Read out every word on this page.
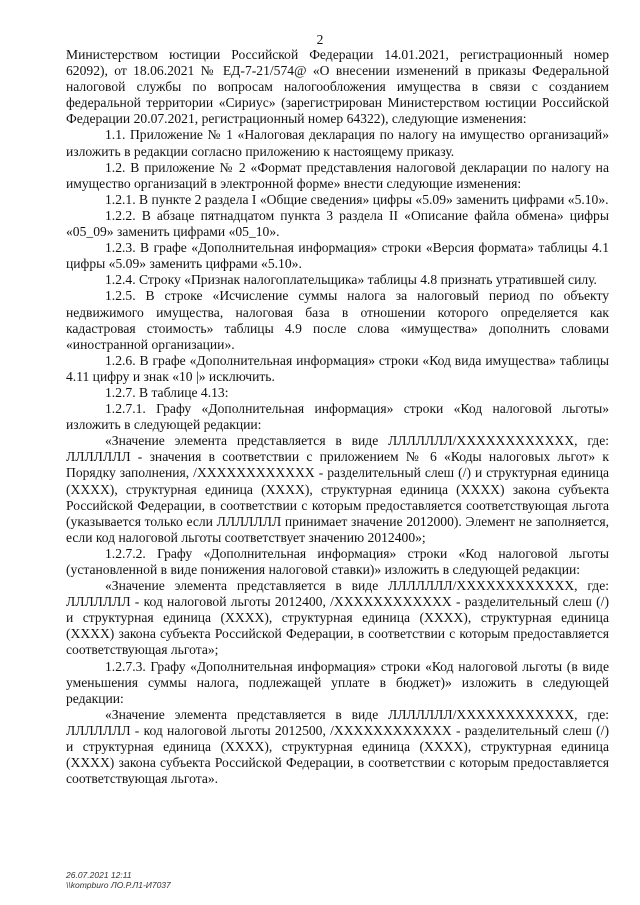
2

Министерством юстиции Российской Федерации 14.01.2021, регистрационный номер 62092), от 18.06.2021 № ЕД-7-21/574@ «О внесении изменений в приказы Федеральной налоговой службы по вопросам налогообложения имущества в связи с созданием федеральной территории «Сириус» (зарегистрирован Министерством юстиции Российской Федерации 20.07.2021, регистрационный номер 64322), следующие изменения:

1.1. Приложение № 1 «Налоговая декларация по налогу на имущество организаций» изложить в редакции согласно приложению к настоящему приказу.

1.2. В приложение № 2 «Формат представления налоговой декларации по налогу на имущество организаций в электронной форме» внести следующие изменения:

1.2.1. В пункте 2 раздела I «Общие сведения» цифры «5.09» заменить цифрами «5.10».

1.2.2. В абзаце пятнадцатом пункта 3 раздела II «Описание файла обмена» цифры «05_09» заменить цифрами «05_10».

1.2.3. В графе «Дополнительная информация» строки «Версия формата» таблицы 4.1 цифры «5.09» заменить цифрами «5.10».

1.2.4. Строку «Признак налогоплательщика» таблицы 4.8 признать утратившей силу.

1.2.5. В строке «Исчисление суммы налога за налоговый период по объекту недвижимого имущества, налоговая база в отношении которого определяется как кадастровая стоимость» таблицы 4.9 после слова «имущества» дополнить словами «иностранной организации».

1.2.6. В графе «Дополнительная информация» строки «Код вида имущества» таблицы 4.11 цифру и знак «10 |» исключить.

1.2.7. В таблице 4.13:

1.2.7.1. Графу «Дополнительная информация» строки «Код налоговой льготы» изложить в следующей редакции:

«Значение элемента представляется в виде ЛЛЛЛЛЛЛ/ХХХХХХХХХХХХ, где: ЛЛЛЛЛЛЛ - значения в соответствии с приложением № 6 «Коды налоговых льгот» к Порядку заполнения, /ХХХХХХХХХХХХ - разделительный слеш (/) и структурная единица (ХХХХ), структурная единица (ХХХХ), структурная единица (ХХХХ) закона субъекта Российской Федерации, в соответствии с которым предоставляется соответствующая льгота (указывается только если ЛЛЛЛЛЛЛ принимает значение 2012000). Элемент не заполняется, если код налоговой льготы соответствует значению 2012400»;

1.2.7.2. Графу «Дополнительная информация» строки «Код налоговой льготы (установленной в виде понижения налоговой ставки)» изложить в следующей редакции:

«Значение элемента представляется в виде ЛЛЛЛЛЛЛ/ХХХХХХХХХХХХ, где: ЛЛЛЛЛЛЛ - код налоговой льготы 2012400, /ХХХХХХХХХХХХ - разделительный слеш (/) и структурная единица (ХХХХ), структурная единица (ХХХХ), структурная единица (ХХХХ) закона субъекта Российской Федерации, в соответствии с которым предоставляется соответствующая льгота»;

1.2.7.3. Графу «Дополнительная информация» строки «Код налоговой льготы (в виде уменьшения суммы налога, подлежащей уплате в бюджет)» изложить в следующей редакции:

«Значение элемента представляется в виде ЛЛЛЛЛЛЛ/ХХХХХХХХХХХХ, где: ЛЛЛЛЛЛЛ - код налоговой льготы 2012500, /ХХХХХХХХХХХХ - разделительный слеш (/) и структурная единица (ХХХХ), структурная единица (ХХХХ), структурная единица (ХХХХ) закона субъекта Российской Федерации, в соответствии с которым предоставляется соответствующая льгота».

26.07.2021 12:11
\\kompburo ЛО.Р.Л1-И7037
